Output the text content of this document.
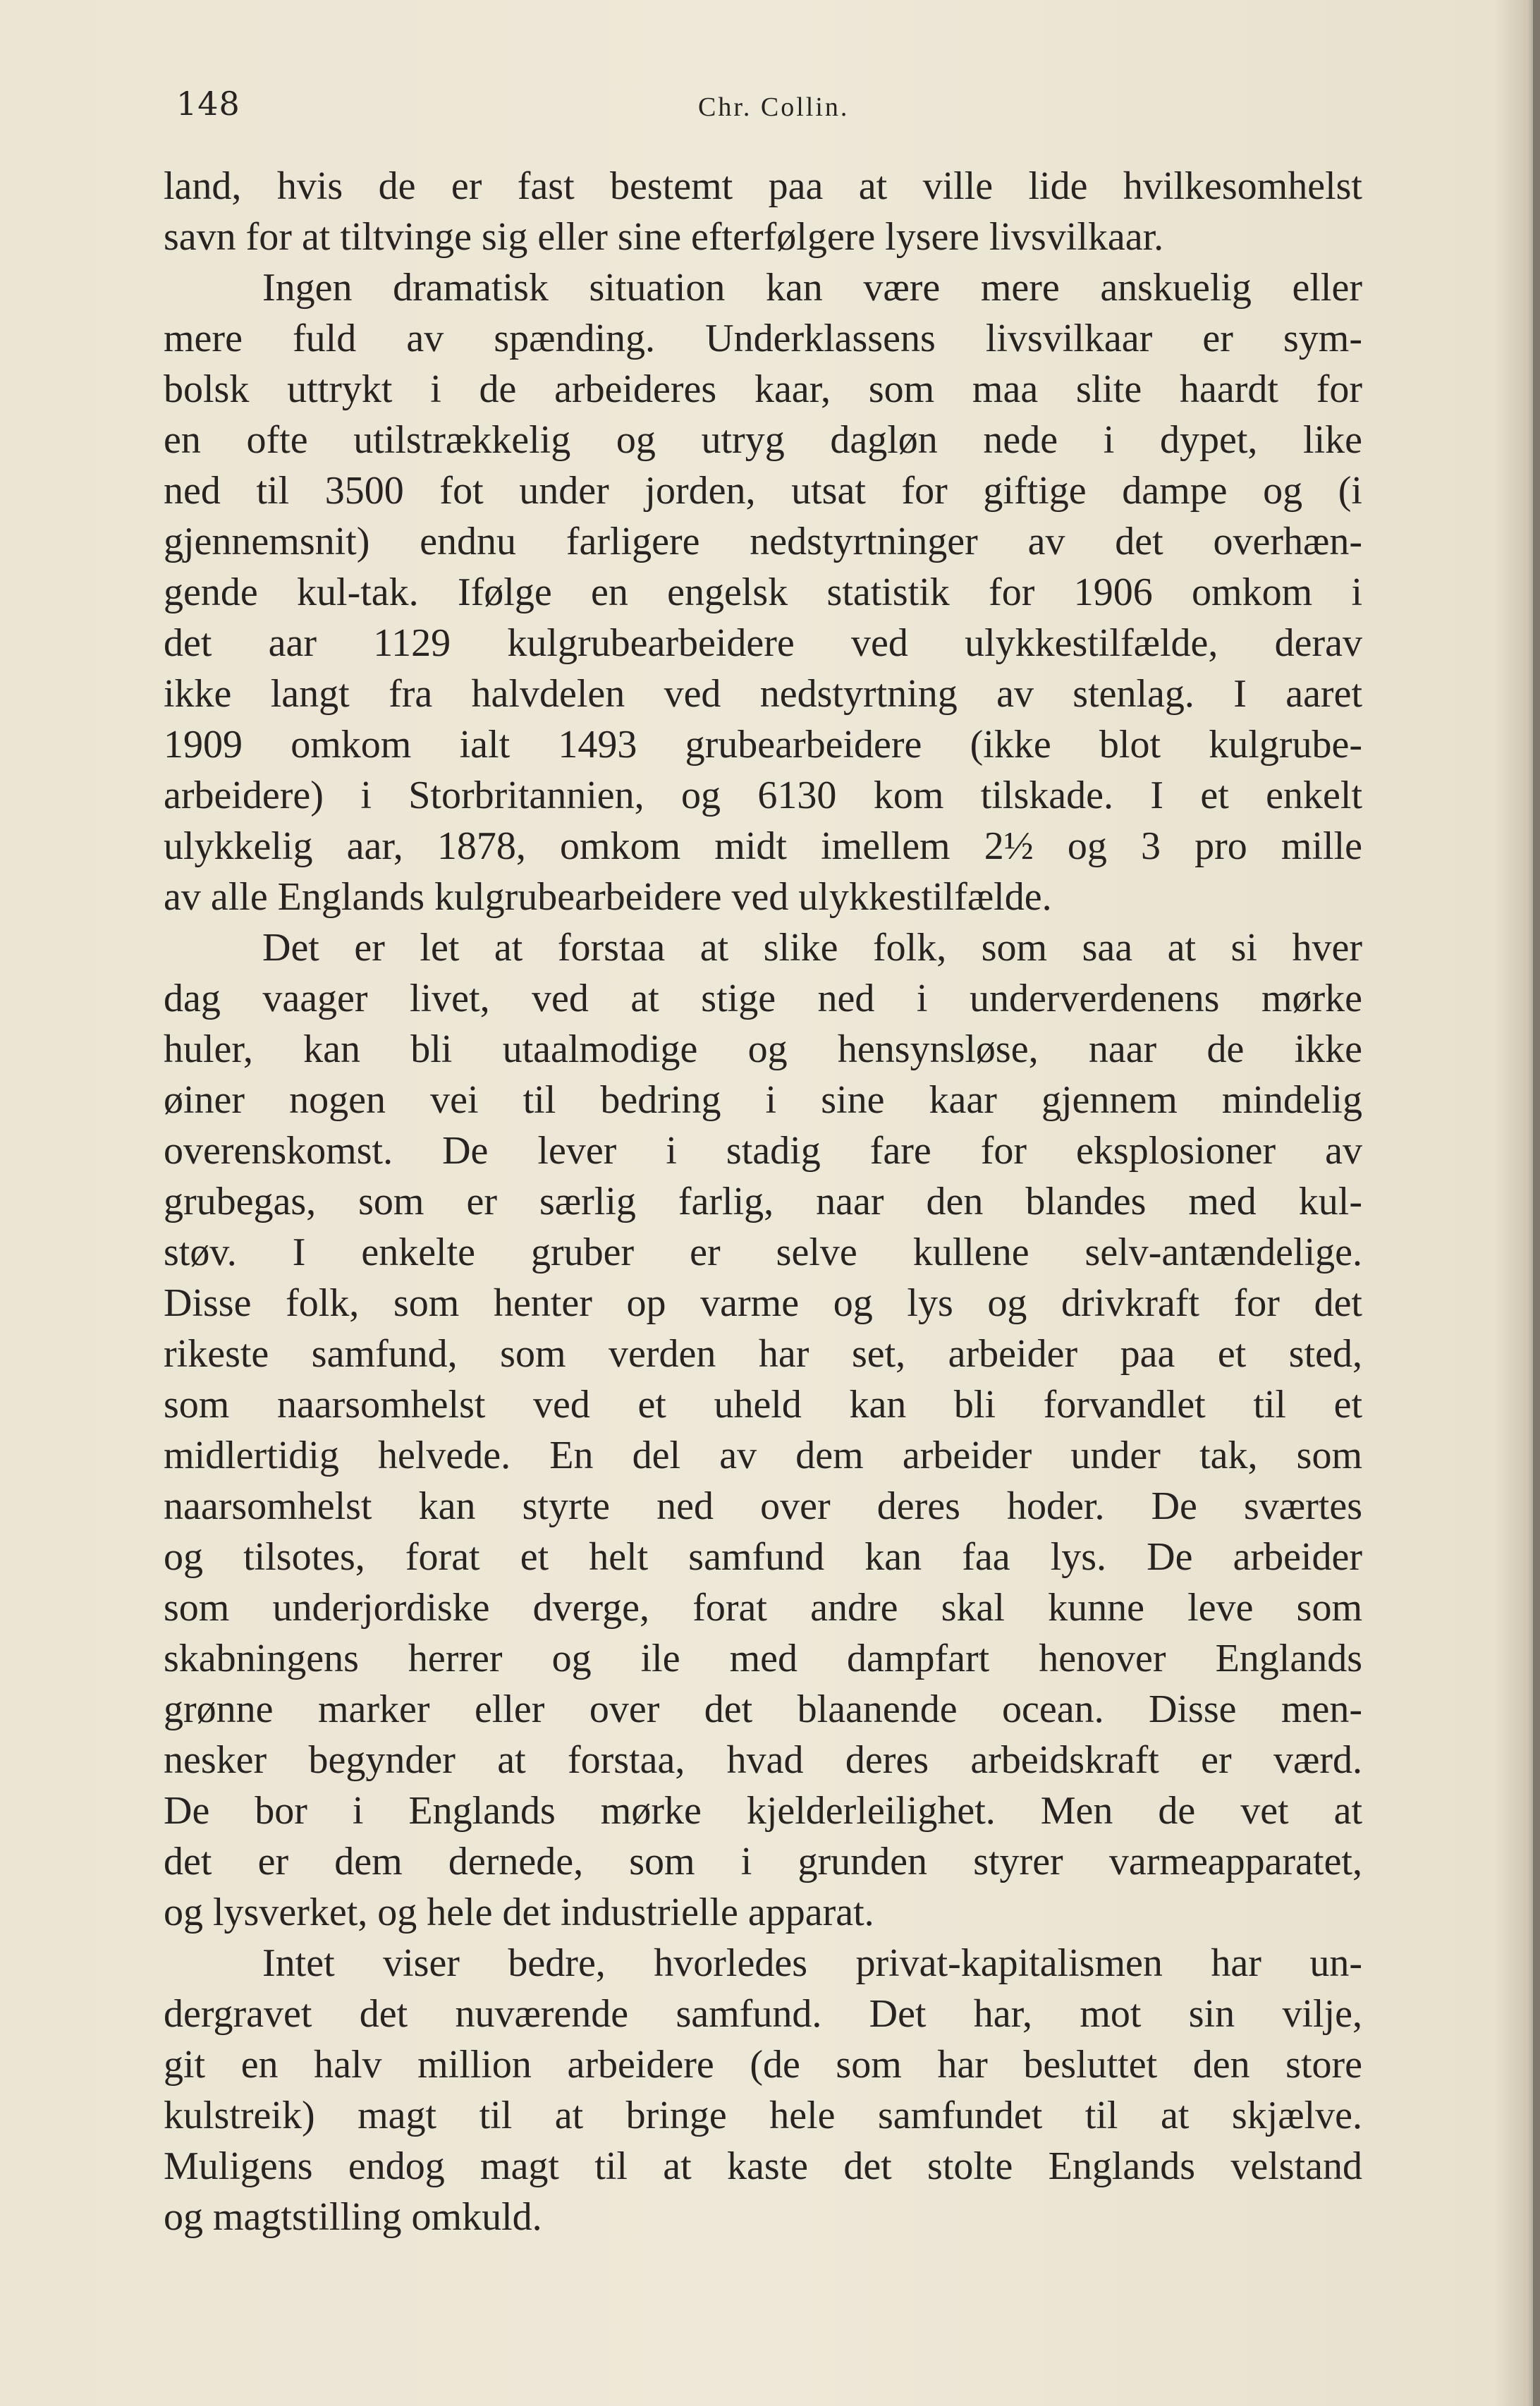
148	Chr. Collin.
land, hvis de er fast bestemt paa at ville lide hvilkesomhelst
savn for at tiltvinge sig eller sine efterfølgere lysere livsvilkaar.
Ingen dramatisk situation kan være mere anskuelig eller
mere fuld av spænding. Underklassens livsvilkaar er sym-
bolsk uttrykt i de arbeideres kaar, som maa slite haardt for
en ofte utilstrækkelig og utryg dagløn nede i dypet, like
ned til 3500 fot under jorden, utsat for giftige dampe og (i
gjennemsnit) endnu farligere nedstyrtninger av det overhæn-
gende kul-tak. Ifølge en engelsk statistik for 1906 omkom i
det aar 1129 kulgrubearbeidere ved ulykkestilfælde, derav
ikke langt fra halvdelen ved nedstyrtning av stenlag. I aaret
1909 omkom ialt 1493 grubearbeidere (ikke blot kulgrube-
arbeidere) i Storbritannien, og 6130 kom tilskade. I et enkelt
ulykkelig aar, 1878, omkom midt imellem 2½ og 3 pro mille
av alle Englands kulgrubearbeidere ved ulykkestilfælde.
Det er let at forstaa at slike folk, som saa at si hver
dag vaager livet, ved at stige ned i underverdenens mørke
huler, kan bli utaalmodige og hensynsløse, naar de ikke
øiner nogen vei til bedring i sine kaar gjennem mindelig
overenskomst. De lever i stadig fare for eksplosioner av
grubegas, som er særlig farlig, naar den blandes med kul-
støv. I enkelte gruber er selve kullene selv-antændelige.
Disse folk, som henter op varme og lys og drivkraft for det
rikeste samfund, som verden har set, arbeider paa et sted,
som naarsomhelst ved et uheld kan bli forvandlet til et
midlertidig helvede. En del av dem arbeider under tak, som
naarsomhelst kan styrte ned over deres hoder. De sværtes
og tilsotes, forat et helt samfund kan faa lys. De arbeider
som underjordiske dverge, forat andre skal kunne leve som
skabningens herrer og ile med dampfart henover Englands
grønne marker eller over det blaanende ocean. Disse men-
nesker begynder at forstaa, hvad deres arbeidskraft er værd.
De bor i Englands mørke kjelderleilighet. Men de vet at
det er dem dernede, som i grunden styrer varmeapparatet,
og lysverket, og hele det industrielle apparat.
Intet viser bedre, hvorledes privat-kapitalismen har un-
dergravet det nuværende samfund. Det har, mot sin vilje,
git en halv million arbeidere (de som har besluttet den store
kulstreik) magt til at bringe hele samfundet til at skjælve.
Muligens endog magt til at kaste det stolte Englands velstand
og magtstilling omkuld.
